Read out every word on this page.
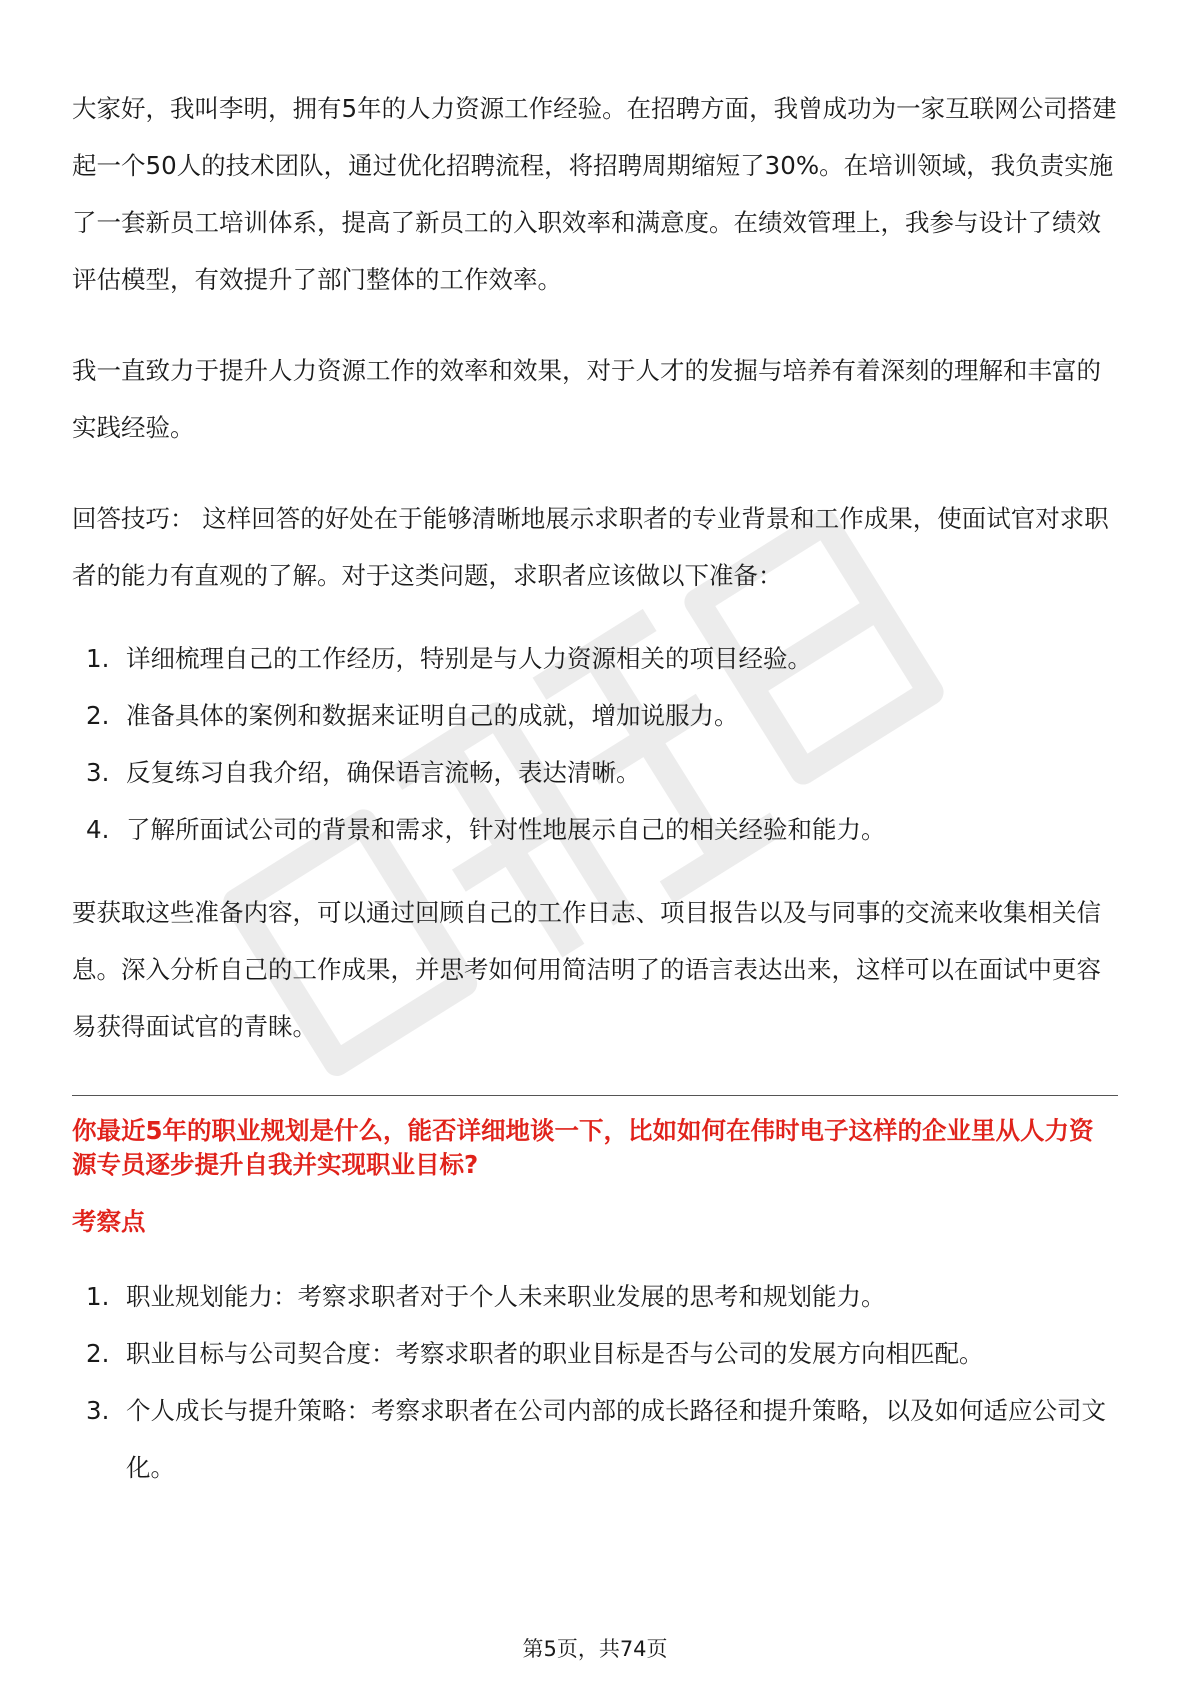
大家好，我叫李明，拥有5年的人力资源工作经验。在招聘方面，我曾成功为一家互联网公司搭建起一个50人的技术团队，通过优化招聘流程，将招聘周期缩短了30%。在培训领域，我负责实施了一套新员工培训体系，提高了新员工的入职效率和满意度。在绩效管理上，我参与设计了绩效评估模型，有效提升了部门整体的工作效率。

我一直致力于提升人力资源工作的效率和效果，对于人才的发掘与培养有着深刻的理解和丰富的实践经验。

回答技巧： 这样回答的好处在于能够清晰地展示求职者的专业背景和工作成果，使面试官对求职者的能力有直观的了解。对于这类问题，求职者应该做以下准备：

1. 详细梳理自己的工作经历，特别是与人力资源相关的项目经验。
2. 准备具体的案例和数据来证明自己的成就，增加说服力。
3. 反复练习自我介绍，确保语言流畅，表达清晰。
4. 了解所面试公司的背景和需求，针对性地展示自己的相关经验和能力。

要获取这些准备内容，可以通过回顾自己的工作日志、项目报告以及与同事的交流来收集相关信息。深入分析自己的工作成果，并思考如何用简洁明了的语言表达出来，这样可以在面试中更容易获得面试官的青睐。

你最近5年的职业规划是什么，能否详细地谈一下，比如如何在伟时电子这样的企业里从人力资源专员逐步提升自我并实现职业目标?

考察点

1. 职业规划能力：考察求职者对于个人未来职业发展的思考和规划能力。
2. 职业目标与公司契合度：考察求职者的职业目标是否与公司的发展方向相匹配。
3. 个人成长与提升策略：考察求职者在公司内部的成长路径和提升策略，以及如何适应公司文化。
第5页，共74页
